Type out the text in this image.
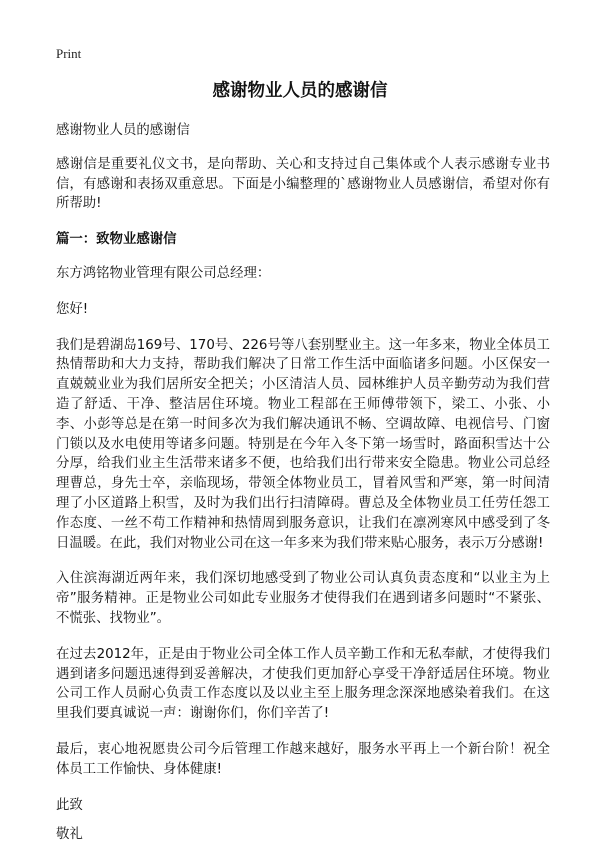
Print
感谢物业人员的感谢信

感谢物业人员的感谢信

感谢信是重要礼仪文书，是向帮助、关心和支持过自己集体或个人表示感谢专业书信，有感谢和表扬双重意思。下面是小编整理的`感谢物业人员感谢信，希望对你有所帮助!

篇一：致物业感谢信

东方鸿铭物业管理有限公司总经理：

您好!

我们是碧湖岛169号、170号、226号等八套别墅业主。这一年多来，物业全体员工热情帮助和大力支持，帮助我们解决了日常工作生活中面临诸多问题。小区保安一直兢兢业业为我们居所安全把关；小区清洁人员、园林维护人员辛勤劳动为我们营造了舒适、干净、整洁居住环境。物业工程部在王师傅带领下，梁工、小张、小李、小彭等总是在第一时间多次为我们解决通讯不畅、空调故障、电视信号、门窗门锁以及水电使用等诸多问题。特别是在今年入冬下第一场雪时，路面积雪达十公分厚，给我们业主生活带来诸多不便，也给我们出行带来安全隐患。物业公司总经理曹总，身先士卒，亲临现场，带领全体物业员工，冒着风雪和严寒，第一时间清理了小区道路上积雪，及时为我们出行扫清障碍。曹总及全体物业员工任劳任怨工作态度、一丝不苟工作精神和热情周到服务意识，让我们在凛冽寒风中感受到了冬日温暖。在此，我们对物业公司在这一年多来为我们带来贴心服务，表示万分感谢!

入住滨海湖近两年来，我们深切地感受到了物业公司认真负责态度和“以业主为上帝”服务精神。正是物业公司如此专业服务才使得我们在遇到诸多问题时“不紧张、不慌张、找物业”。

在过去2012年，正是由于物业公司全体工作人员辛勤工作和无私奉献，才使得我们遇到诸多问题迅速得到妥善解决，才使我们更加舒心享受干净舒适居住环境。物业公司工作人员耐心负责工作态度以及以业主至上服务理念深深地感染着我们。在这里我们要真诚说一声：谢谢你们，你们辛苦了!

最后，衷心地祝愿贵公司今后管理工作越来越好，服务水平再上一个新台阶！祝全体员工工作愉快、身体健康!

此致

敬礼
